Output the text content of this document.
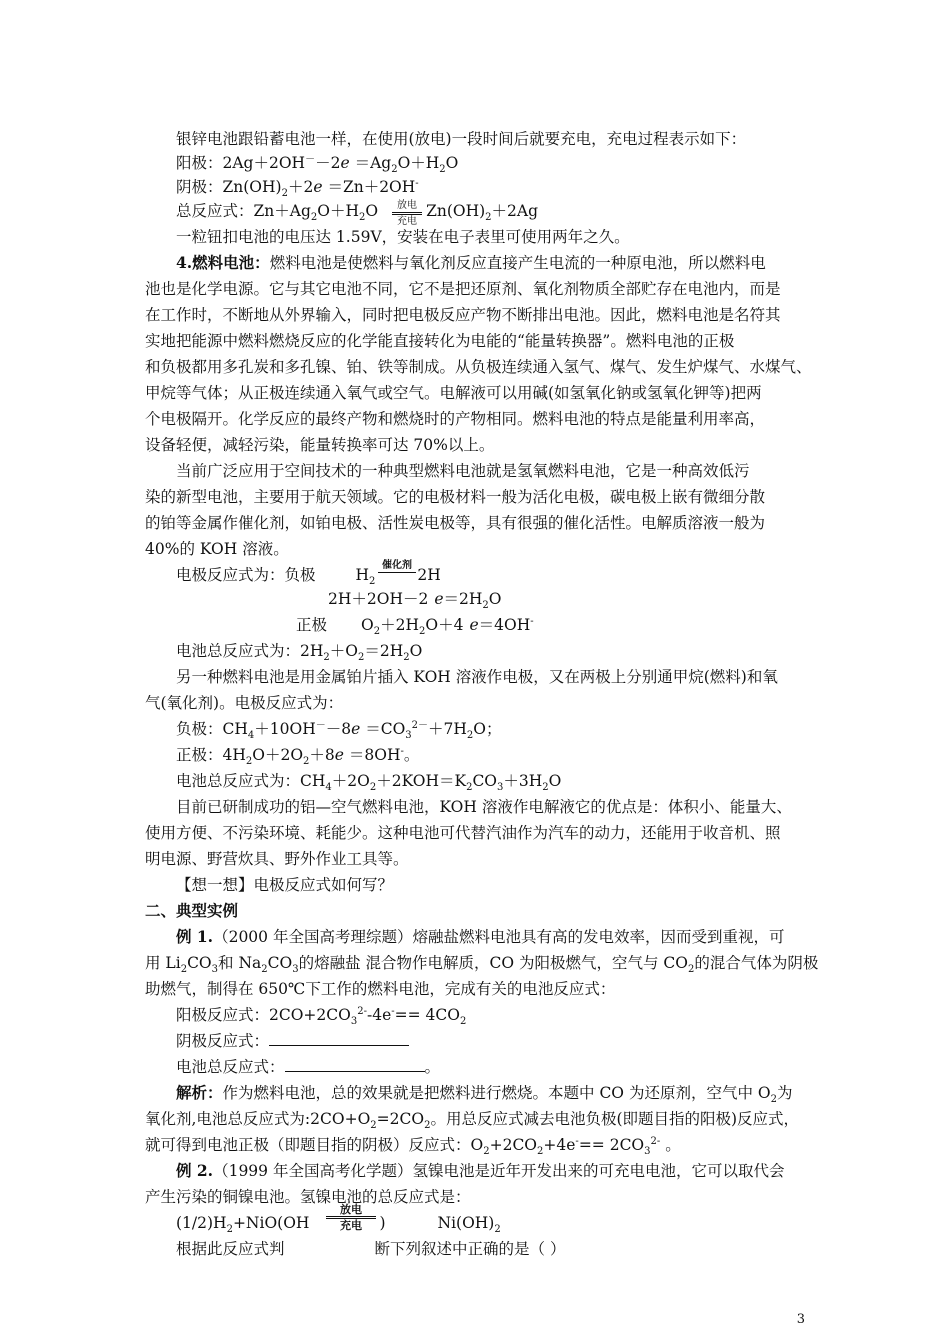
银锌电池跟铅蓄电池一样，在使用(放电)一段时间后就要充电，充电过程表示如下：
阳极：$2Ag+2OH^--2e =Ag_2O+H_2O$
阴极：$Zn(OH)_2+2e =Zn+2OH^-$
总反应式：$Zn+Ag_2O+H_2O$	$Zn(OH)_2+2Ag$
放电
充电
一粒钮扣电池的电压达 1.59V，安装在电子表里可使用两年之久。
4.燃料电池：燃料电池是使燃料与氧化剂反应直接产生电流的一种原电池，所以燃料电
池也是化学电源。它与其它电池不同，它不是把还原剂、氧化剂物质全部贮存在电池内，而是
在工作时，不断地从外界输入，同时把电极反应产物不断排出电池。因此，燃料电池是名符其
实地把能源中燃料燃烧反应的化学能直接转化为电能的“能量转换器”。燃料电池的正极
和负极都用多孔炭和多孔镍、铂、铁等制成。从负极连续通入氢气、煤气、发生炉煤气、水煤气、
甲烷等气体；从正极连续通入氧气或空气。电解液可以用碱(如氢氧化钠或氢氧化钾等)把两
个电极隔开。化学反应的最终产物和燃烧时的产物相同。燃料电池的特点是能量利用率高，
设备轻便，减轻污染，能量转换率可达 70%以上。
当前广泛应用于空间技术的一种典型燃料电池就是氢氧燃料电池，它是一种高效低污
染的新型电池，主要用于航天领域。它的电极材料一般为活化电极，碳电极上嵌有微细分散
的铂等金属作催化剂，如铂电极、活性炭电极等，具有很强的催化活性。电解质溶液一般为
40%的 KOH 溶液。
电极反应式为：负极	$H_2$	2H
催化剂
2H＋2OH－2 $e=2H_2O$
正极 $O_2+2H_2O+4$ e＝4OH-
电池总反应式为：$2H_2+O_2=2H_2O$
另一种燃料电池是用金属铂片插入 KOH 溶液作电极，又在两极上分别通甲烷(燃料)和氧
气(氧化剂)。电极反应式为：
负极：$CH_4+10OH^--8e =CO_3^{2-}+7H_2O$；
正极：$4H_2O+2O_2+8e =8OH^-$。
电池总反应式为：$CH_4+2O_2+2KOH=K_2CO_3+3H_2O$
目前已研制成功的铝—空气燃料电池，KOH 溶液作电解液它的优点是：体积小、能量大、
使用方便、不污染环境、耗能少。这种电池可代替汽油作为汽车的动力，还能用于收音机、照
明电源、野营炊具、野外作业工具等。
【想一想】电极反应式如何写？
二、典型实例
例 1.（2000 年全国高考理综题）熔融盐燃料电池具有高的发电效率，因而受到重视，可
用 $Li_2CO_3$和 $Na_2CO_3$的熔融盐 混合物作电解质，CO 为阳极燃气，空气与 $CO_2$的混合气体为阴极
助燃气，制得在 650℃下工作的燃料电池，完成有关的电池反应式：
阳极反应式：$2CO+2CO_3^{2-}-4e^-== 4CO_2$
阴极反应式：
电池总反应式：	。
解析：作为燃料电池，总的效果就是把燃料进行燃烧。本题中 CO 为还原剂，空气中 $O_2$为
氧化剂,电池总反应式为$:2CO+O_2=2CO_2$。用总反应式减去电池负极(即题目指的阳极)反应式，
就可得到电池正极（即题目指的阴极）反应式：$O_2+2CO_2+4e^-== 2CO_3^{2-}$ 。
例 2.（1999 年全国高考化学题）氢镍电池是近年开发出来的可充电电池，它可以取代会
产生污染的铜镍电池。氢镍电池的总反应式是：
$(1/2)H_2+NiO(OH$	)	$Ni(OH)_2$
放电
充电
根据此反应式判	断下列叙述中正确的是（ ）
3
